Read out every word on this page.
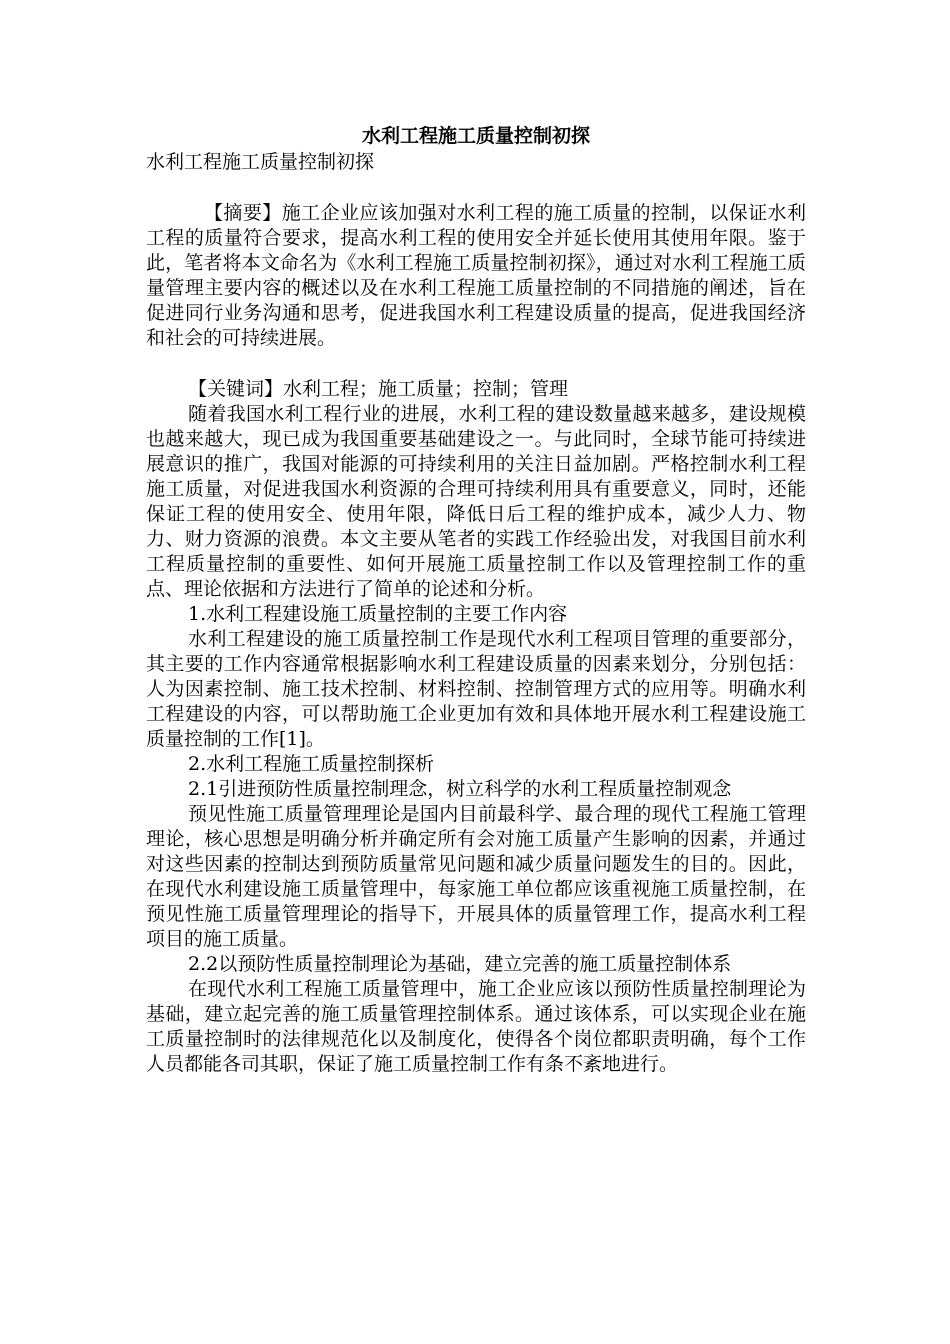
水利工程施工质量控制初探

水利工程施工质量控制初探

【摘要】施工企业应该加强对水利工程的施工质量的控制，以保证水利工程的质量符合要求，提高水利工程的使用安全并延长使用其使用年限。鉴于此，笔者将本文命名为《水利工程施工质量控制初探》，通过对水利工程施工质量管理主要内容的概述以及在水利工程施工质量控制的不同措施的阐述，旨在促进同行业务沟通和思考，促进我国水利工程建设质量的提高，促进我国经济和社会的可持续进展。

【关键词】水利工程；施工质量；控制；管理

随着我国水利工程行业的进展，水利工程的建设数量越来越多，建设规模也越来越大，现已成为我国重要基础建设之一。与此同时，全球节能可持续进展意识的推广，我国对能源的可持续利用的关注日益加剧。严格控制水利工程施工质量，对促进我国水利资源的合理可持续利用具有重要意义，同时，还能保证工程的使用安全、使用年限，降低日后工程的维护成本，减少人力、物力、财力资源的浪费。本文主要从笔者的实践工作经验出发，对我国目前水利工程质量控制的重要性、如何开展施工质量控制工作以及管理控制工作的重点、理论依据和方法进行了简单的论述和分析。

1.水利工程建设施工质量控制的主要工作内容

水利工程建设的施工质量控制工作是现代水利工程项目管理的重要部分，其主要的工作内容通常根据影响水利工程建设质量的因素来划分，分别包括：人为因素控制、施工技术控制、材料控制、控制管理方式的应用等。明确水利工程建设的内容，可以帮助施工企业更加有效和具体地开展水利工程建设施工质量控制的工作[1]。

2.水利工程施工质量控制探析

2.1引进预防性质量控制理念，树立科学的水利工程质量控制观念

预见性施工质量管理理论是国内目前最科学、最合理的现代工程施工管理理论，核心思想是明确分析并确定所有会对施工质量产生影响的因素，并通过对这些因素的控制达到预防质量常见问题和减少质量问题发生的目的。因此，在现代水利建设施工质量管理中，每家施工单位都应该重视施工质量控制，在预见性施工质量管理理论的指导下，开展具体的质量管理工作，提高水利工程项目的施工质量。

2.2以预防性质量控制理论为基础，建立完善的施工质量控制体系

在现代水利工程施工质量管理中，施工企业应该以预防性质量控制理论为基础，建立起完善的施工质量管理控制体系。通过该体系，可以实现企业在施工质量控制时的法律规范化以及制度化，使得各个岗位都职责明确，每个工作人员都能各司其职，保证了施工质量控制工作有条不紊地进行。
